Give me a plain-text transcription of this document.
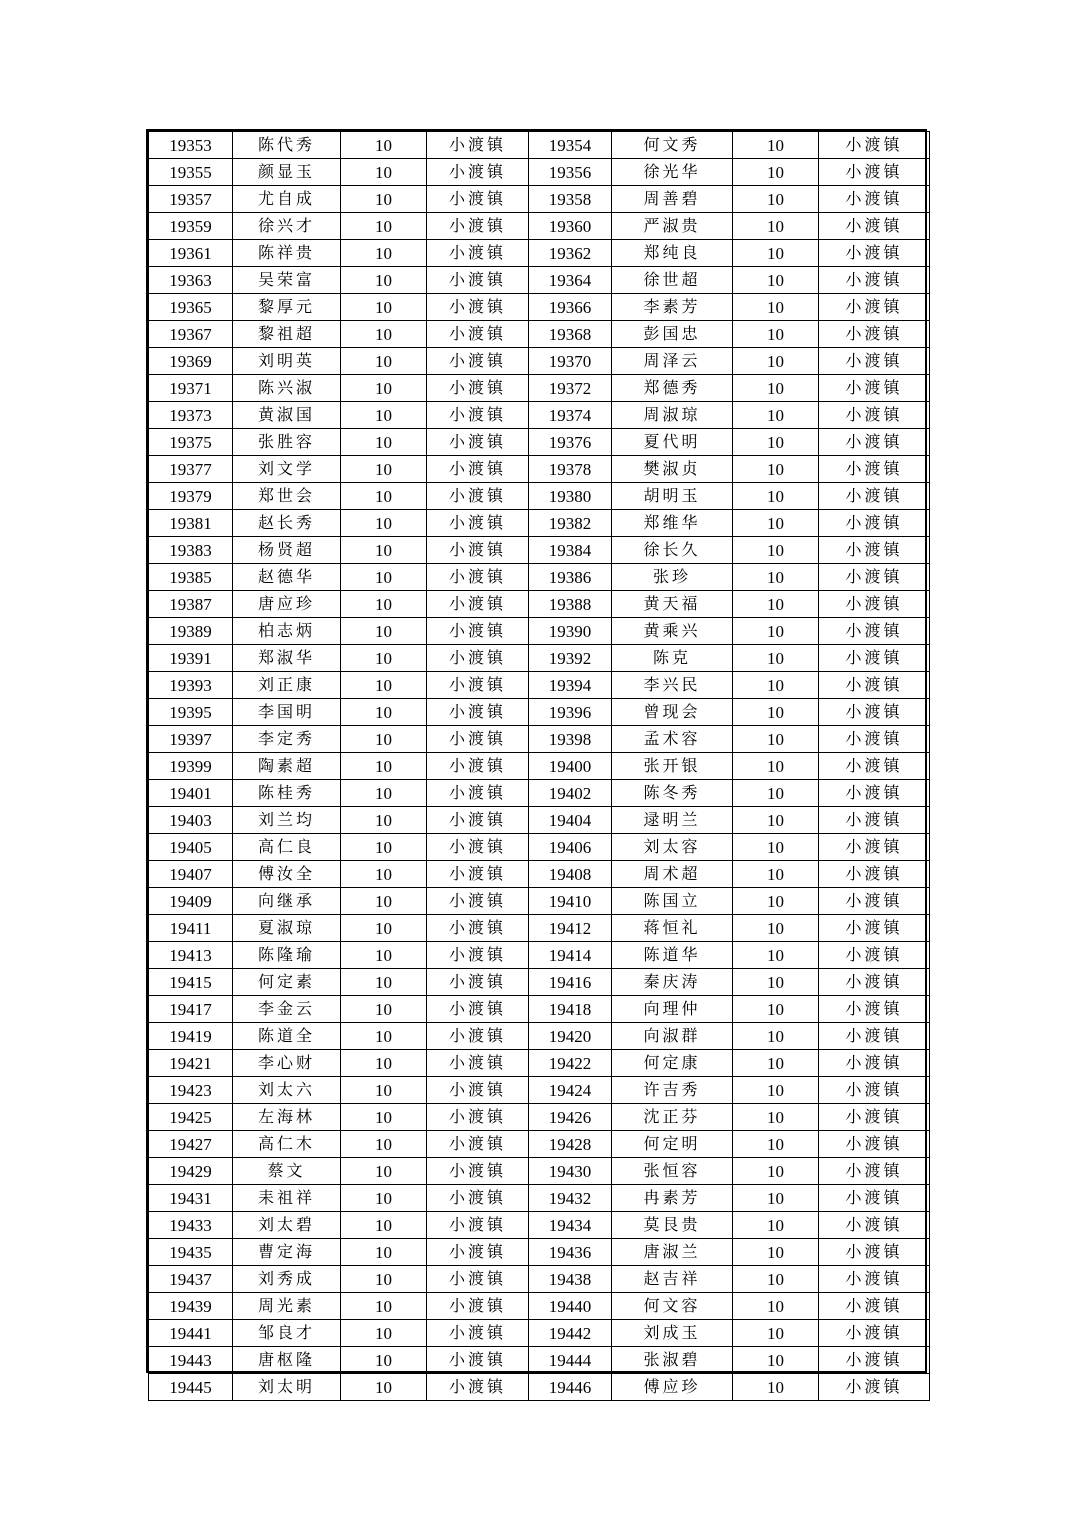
19353	陈代秀	10	小渡镇	19354	何文秀	10	小渡镇
19355	颜显玉	10	小渡镇	19356	徐光华	10	小渡镇
19357	尤自成	10	小渡镇	19358	周善碧	10	小渡镇
19359	徐兴才	10	小渡镇	19360	严淑贵	10	小渡镇
19361	陈祥贵	10	小渡镇	19362	郑纯良	10	小渡镇
19363	吴荣富	10	小渡镇	19364	徐世超	10	小渡镇
19365	黎厚元	10	小渡镇	19366	李素芳	10	小渡镇
19367	黎祖超	10	小渡镇	19368	彭国忠	10	小渡镇
19369	刘明英	10	小渡镇	19370	周泽云	10	小渡镇
19371	陈兴淑	10	小渡镇	19372	郑德秀	10	小渡镇
19373	黄淑国	10	小渡镇	19374	周淑琼	10	小渡镇
19375	张胜容	10	小渡镇	19376	夏代明	10	小渡镇
19377	刘文学	10	小渡镇	19378	樊淑贞	10	小渡镇
19379	郑世会	10	小渡镇	19380	胡明玉	10	小渡镇
19381	赵长秀	10	小渡镇	19382	郑维华	10	小渡镇
19383	杨贤超	10	小渡镇	19384	徐长久	10	小渡镇
19385	赵德华	10	小渡镇	19386	张珍	10	小渡镇
19387	唐应珍	10	小渡镇	19388	黄天福	10	小渡镇
19389	柏志炳	10	小渡镇	19390	黄乘兴	10	小渡镇
19391	郑淑华	10	小渡镇	19392	陈克	10	小渡镇
19393	刘正康	10	小渡镇	19394	李兴民	10	小渡镇
19395	李国明	10	小渡镇	19396	曾现会	10	小渡镇
19397	李定秀	10	小渡镇	19398	孟术容	10	小渡镇
19399	陶素超	10	小渡镇	19400	张开银	10	小渡镇
19401	陈桂秀	10	小渡镇	19402	陈冬秀	10	小渡镇
19403	刘兰均	10	小渡镇	19404	逯明兰	10	小渡镇
19405	高仁良	10	小渡镇	19406	刘太容	10	小渡镇
19407	傅汝全	10	小渡镇	19408	周术超	10	小渡镇
19409	向继承	10	小渡镇	19410	陈国立	10	小渡镇
19411	夏淑琼	10	小渡镇	19412	蒋恒礼	10	小渡镇
19413	陈隆瑜	10	小渡镇	19414	陈道华	10	小渡镇
19415	何定素	10	小渡镇	19416	秦庆涛	10	小渡镇
19417	李金云	10	小渡镇	19418	向理仲	10	小渡镇
19419	陈道全	10	小渡镇	19420	向淑群	10	小渡镇
19421	李心财	10	小渡镇	19422	何定康	10	小渡镇
19423	刘太六	10	小渡镇	19424	许吉秀	10	小渡镇
19425	左海林	10	小渡镇	19426	沈正芬	10	小渡镇
19427	高仁木	10	小渡镇	19428	何定明	10	小渡镇
19429	蔡文	10	小渡镇	19430	张恒容	10	小渡镇
19431	耒祖祥	10	小渡镇	19432	冉素芳	10	小渡镇
19433	刘太碧	10	小渡镇	19434	莫艮贵	10	小渡镇
19435	曹定海	10	小渡镇	19436	唐淑兰	10	小渡镇
19437	刘秀成	10	小渡镇	19438	赵吉祥	10	小渡镇
19439	周光素	10	小渡镇	19440	何文容	10	小渡镇
19441	邹良才	10	小渡镇	19442	刘成玉	10	小渡镇
19443	唐枢隆	10	小渡镇	19444	张淑碧	10	小渡镇
19445	刘太明	10	小渡镇	19446	傅应珍	10	小渡镇
